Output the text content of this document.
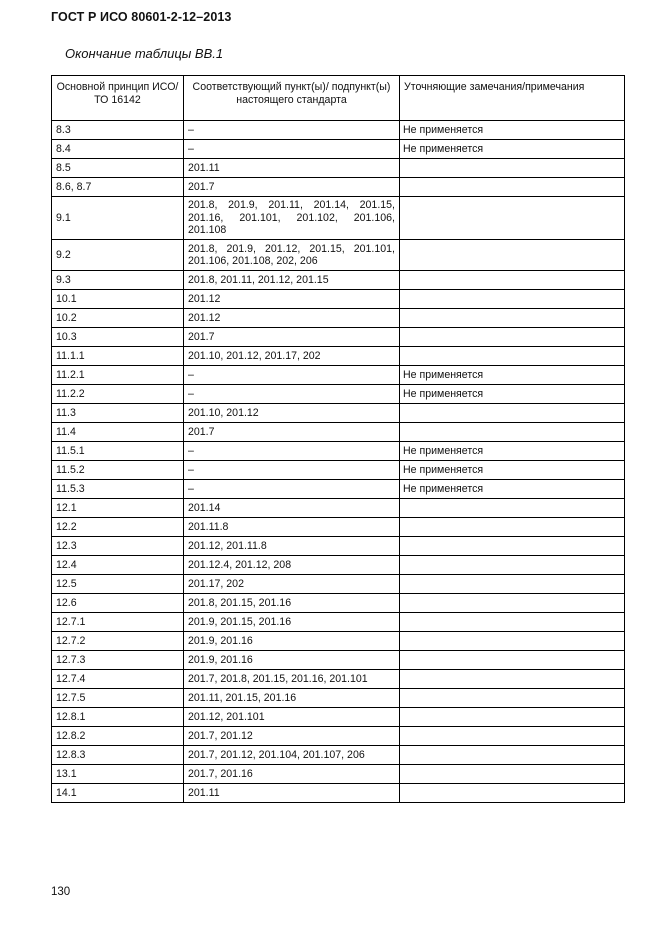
ГОСТ Р ИСО 80601-2-12–2013
Окончание таблицы ВВ.1
Основной принцип ИСО/ТО 16142	Соответствующий пункт(ы)/ подпункт(ы) настоящего стандарта	Уточняющие замечания/примечания
8.3	–	Не применяется
8.4	–	Не применяется
8.5	201.11	
8.6, 8.7	201.7	
9.1	201.8, 201.9, 201.11, 201.14, 201.15, 201.16, 201.101, 201.102, 201.106, 201.108	
9.2	201.8, 201.9, 201.12, 201.15, 201.101, 201.106, 201.108, 202, 206	
9.3	201.8, 201.11, 201.12, 201.15	
10.1	201.12	
10.2	201.12	
10.3	201.7	
11.1.1	201.10, 201.12, 201.17, 202	
11.2.1	–	Не применяется
11.2.2	–	Не применяется
11.3	201.10, 201.12	
11.4	201.7	
11.5.1	–	Не применяется
11.5.2	–	Не применяется
11.5.3	–	Не применяется
12.1	201.14	
12.2	201.11.8	
12.3	201.12, 201.11.8	
12.4	201.12.4, 201.12, 208	
12.5	201.17, 202	
12.6	201.8, 201.15, 201.16	
12.7.1	201.9, 201.15, 201.16	
12.7.2	201.9, 201.16	
12.7.3	201.9, 201.16	
12.7.4	201.7, 201.8, 201.15, 201.16, 201.101	
12.7.5	201.11, 201.15, 201.16	
12.8.1	201.12, 201.101	
12.8.2	201.7, 201.12	
12.8.3	201.7, 201.12, 201.104, 201.107, 206	
13.1	201.7, 201.16	
14.1	201.11	
130
